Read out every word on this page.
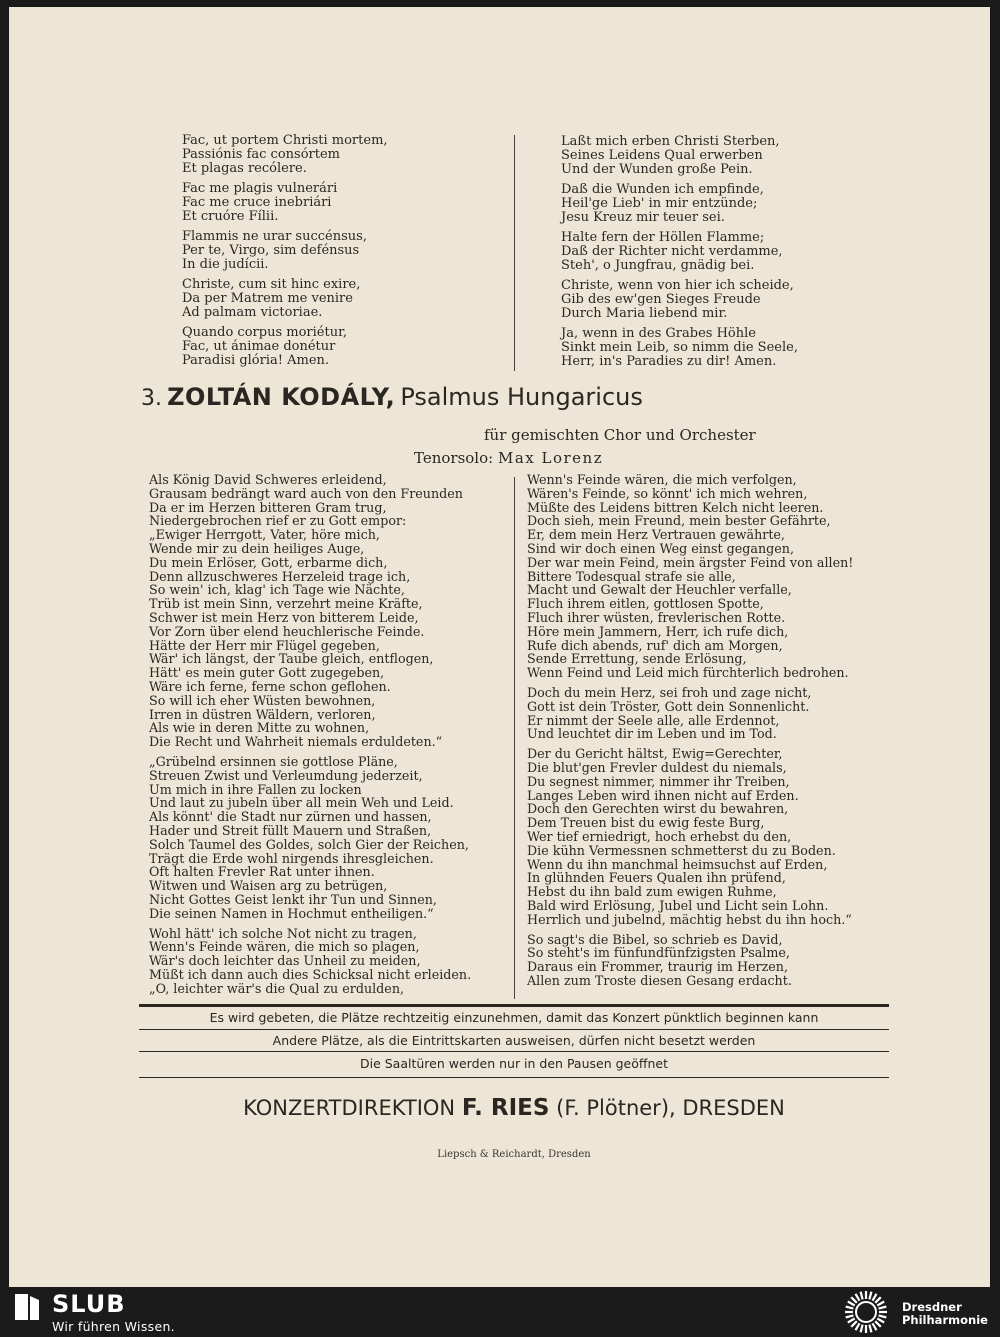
Fac, ut portem Christi mortem,
Passiónis fac consórtem
Et plagas recólere.
Fac me plagis vulnerári
Fac me cruce inebriári
Et cruóre Fílii.
Flammis ne urar succénsus,
Per te, Virgo, sim defénsus
In die judícii.
Christe, cum sit hinc exire,
Da per Matrem me venire
Ad palmam victoriae.
Quando corpus moriétur,
Fac, ut ánimae donétur
Paradisi glória! Amen.
Laßt mich erben Christi Sterben,
Seines Leidens Qual erwerben
Und der Wunden große Pein.
Daß die Wunden ich empfinde,
Heil'ge Lieb' in mir entzünde;
Jesu Kreuz mir teuer sei.
Halte fern der Höllen Flamme;
Daß der Richter nicht verdamme,
Steh', o Jungfrau, gnädig bei.
Christe, wenn von hier ich scheide,
Gib des ew'gen Sieges Freude
Durch Maria liebend mir.
Ja, wenn in des Grabes Höhle
Sinkt mein Leib, so nimm die Seele,
Herr, in's Paradies zu dir! Amen.
3. ZOLTÁN KODÁLY, Psalmus Hungaricus
für gemischten Chor und Orchester
Tenorsolo: Max Lorenz
Als König David Schweres erleidend,
Grausam bedrängt ward auch von den Freunden
Da er im Herzen bitteren Gram trug,
Niedergebrochen rief er zu Gott empor:
„Ewiger Herrgott, Vater, höre mich,
Wende mir zu dein heiliges Auge,
Du mein Erlöser, Gott, erbarme dich,
Denn allzuschweres Herzeleid trage ich,
So wein' ich, klag' ich Tage wie Nächte,
Trüb ist mein Sinn, verzehrt meine Kräfte,
Schwer ist mein Herz von bitterem Leide,
Vor Zorn über elend heuchlerische Feinde.
Hätte der Herr mir Flügel gegeben,
Wär' ich längst, der Taube gleich, entflogen,
Hätt' es mein guter Gott zugegeben,
Wäre ich ferne, ferne schon geflohen.
So will ich eher Wüsten bewohnen,
Irren in düstren Wäldern, verloren,
Als wie in deren Mitte zu wohnen,
Die Recht und Wahrheit niemals erduldeten.“
„Grübelnd ersinnen sie gottlose Pläne,
Streuen Zwist und Verleumdung jederzeit,
Um mich in ihre Fallen zu locken
Und laut zu jubeln über all mein Weh und Leid.
Als könnt' die Stadt nur zürnen und hassen,
Hader und Streit füllt Mauern und Straßen,
Solch Taumel des Goldes, solch Gier der Reichen,
Trägt die Erde wohl nirgends ihresgleichen.
Oft halten Frevler Rat unter ihnen.
Witwen und Waisen arg zu betrügen,
Nicht Gottes Geist lenkt ihr Tun und Sinnen,
Die seinen Namen in Hochmut entheiligen.“
Wohl hätt' ich solche Not nicht zu tragen,
Wenn's Feinde wären, die mich so plagen,
Wär's doch leichter das Unheil zu meiden,
Müßt ich dann auch dies Schicksal nicht erleiden.
„O, leichter wär's die Qual zu erdulden,
Wenn's Feinde wären, die mich verfolgen,
Wären's Feinde, so könnt' ich mich wehren,
Müßte des Leidens bittren Kelch nicht leeren.
Doch sieh, mein Freund, mein bester Gefährte,
Er, dem mein Herz Vertrauen gewährte,
Sind wir doch einen Weg einst gegangen,
Der war mein Feind, mein ärgster Feind von allen!
Bittere Todesqual strafe sie alle,
Macht und Gewalt der Heuchler verfalle,
Fluch ihrem eitlen, gottlosen Spotte,
Fluch ihrer wüsten, frevlerischen Rotte.
Höre mein Jammern, Herr, ich rufe dich,
Rufe dich abends, ruf' dich am Morgen,
Sende Errettung, sende Erlösung,
Wenn Feind und Leid mich fürchterlich bedrohen.
Doch du mein Herz, sei froh und zage nicht,
Gott ist dein Tröster, Gott dein Sonnenlicht.
Er nimmt der Seele alle, alle Erdennot,
Und leuchtet dir im Leben und im Tod.
Der du Gericht hältst, Ewig=Gerechter,
Die blut'gen Frevler duldest du niemals,
Du segnest nimmer, nimmer ihr Treiben,
Langes Leben wird ihnen nicht auf Erden.
Doch den Gerechten wirst du bewahren,
Dem Treuen bist du ewig feste Burg,
Wer tief erniedrigt, hoch erhebst du den,
Die kühn Vermessnen schmetterst du zu Boden.
Wenn du ihn manchmal heimsuchst auf Erden,
In glühnden Feuers Qualen ihn prüfend,
Hebst du ihn bald zum ewigen Ruhme,
Bald wird Erlösung, Jubel und Licht sein Lohn.
Herrlich und jubelnd, mächtig hebst du ihn hoch.“
So sagt's die Bibel, so schrieb es David,
So steht's im fünfundfünfzigsten Psalme,
Daraus ein Frommer, traurig im Herzen,
Allen zum Troste diesen Gesang erdacht.
Es wird gebeten, die Plätze rechtzeitig einzunehmen, damit das Konzert pünktlich beginnen kann
Andere Plätze, als die Eintrittskarten ausweisen, dürfen nicht besetzt werden
Die Saaltüren werden nur in den Pausen geöffnet
KONZERTDIREKTION F. RIES (F. Plötner), DRESDEN
Liepsch & Reichardt, Dresden
SLUB
Wir führen Wissen.
Dresdner
Philharmonie
